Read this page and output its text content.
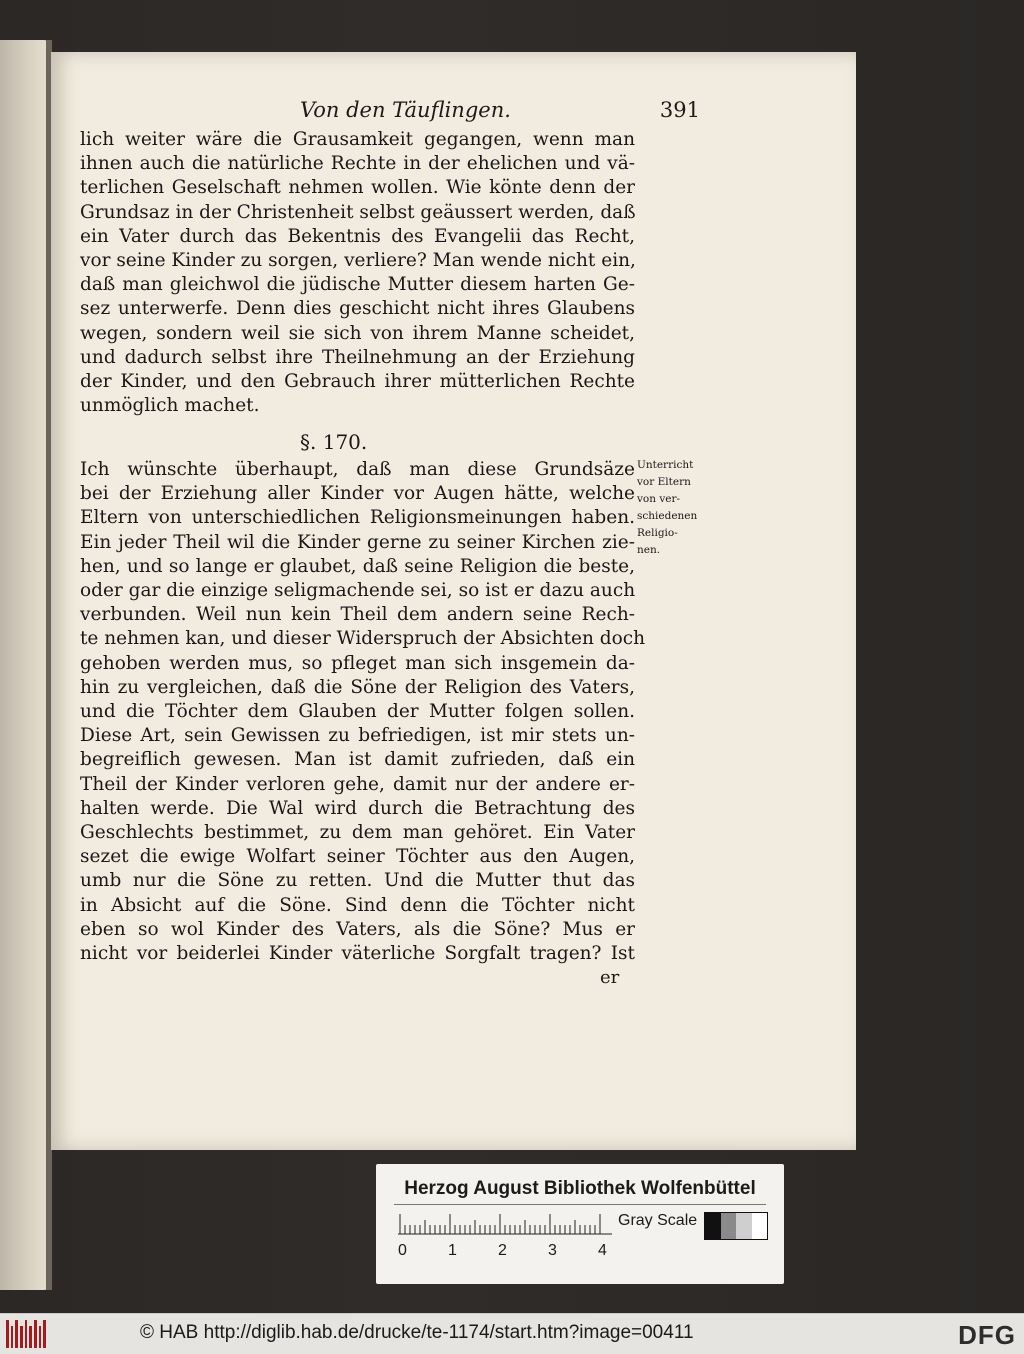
Von den Täuflingen.	391
lich weiter wäre die Grausamkeit gegangen, wenn man
ihnen auch die natürliche Rechte in der ehelichen und vä-
terlichen Geselschaft nehmen wollen. Wie könte denn der
Grundsaz in der Christenheit selbst geäussert werden, daß
ein Vater durch das Bekentnis des Evangelii das Recht,
vor seine Kinder zu sorgen, verliere? Man wende nicht ein,
daß man gleichwol die jüdische Mutter diesem harten Ge-
sez unterwerfe. Denn dies geschicht nicht ihres Glaubens
wegen, sondern weil sie sich von ihrem Manne scheidet,
und dadurch selbst ihre Theilnehmung an der Erziehung
der Kinder, und den Gebrauch ihrer mütterlichen Rechte
unmöglich machet.
§. 170.
Ich wünschte überhaupt, daß man diese Grundsäze
bei der Erziehung aller Kinder vor Augen hätte, welche
Eltern von unterschiedlichen Religionsmeinungen haben.
Ein jeder Theil wil die Kinder gerne zu seiner Kirchen zie-
hen, und so lange er glaubet, daß seine Religion die beste,
oder gar die einzige seligmachende sei, so ist er dazu auch
verbunden. Weil nun kein Theil dem andern seine Rech-
te nehmen kan, und dieser Widerspruch der Absichten doch
gehoben werden mus, so pfleget man sich insgemein da-
hin zu vergleichen, daß die Söne der Religion des Vaters,
und die Töchter dem Glauben der Mutter folgen sollen.
Diese Art, sein Gewissen zu befriedigen, ist mir stets un-
begreiflich gewesen. Man ist damit zufrieden, daß ein
Theil der Kinder verloren gehe, damit nur der andere er-
halten werde. Die Wal wird durch die Betrachtung des
Geschlechts bestimmet, zu dem man gehöret. Ein Vater
sezet die ewige Wolfart seiner Töchter aus den Augen,
umb nur die Söne zu retten. Und die Mutter thut das
in Absicht auf die Söne. Sind denn die Töchter nicht
eben so wol Kinder des Vaters, als die Söne? Mus er
nicht vor beiderlei Kinder väterliche Sorgfalt tragen? Ist
Unterricht
vor Eltern
von ver-
schiedenen
Religio-
nen.
er
Herzog August Bibliothek Wolfenbüttel
Gray Scale
0	1	2	3	4
© HAB http://diglib.hab.de/drucke/te-1174/start.htm?image=00411	DFG
